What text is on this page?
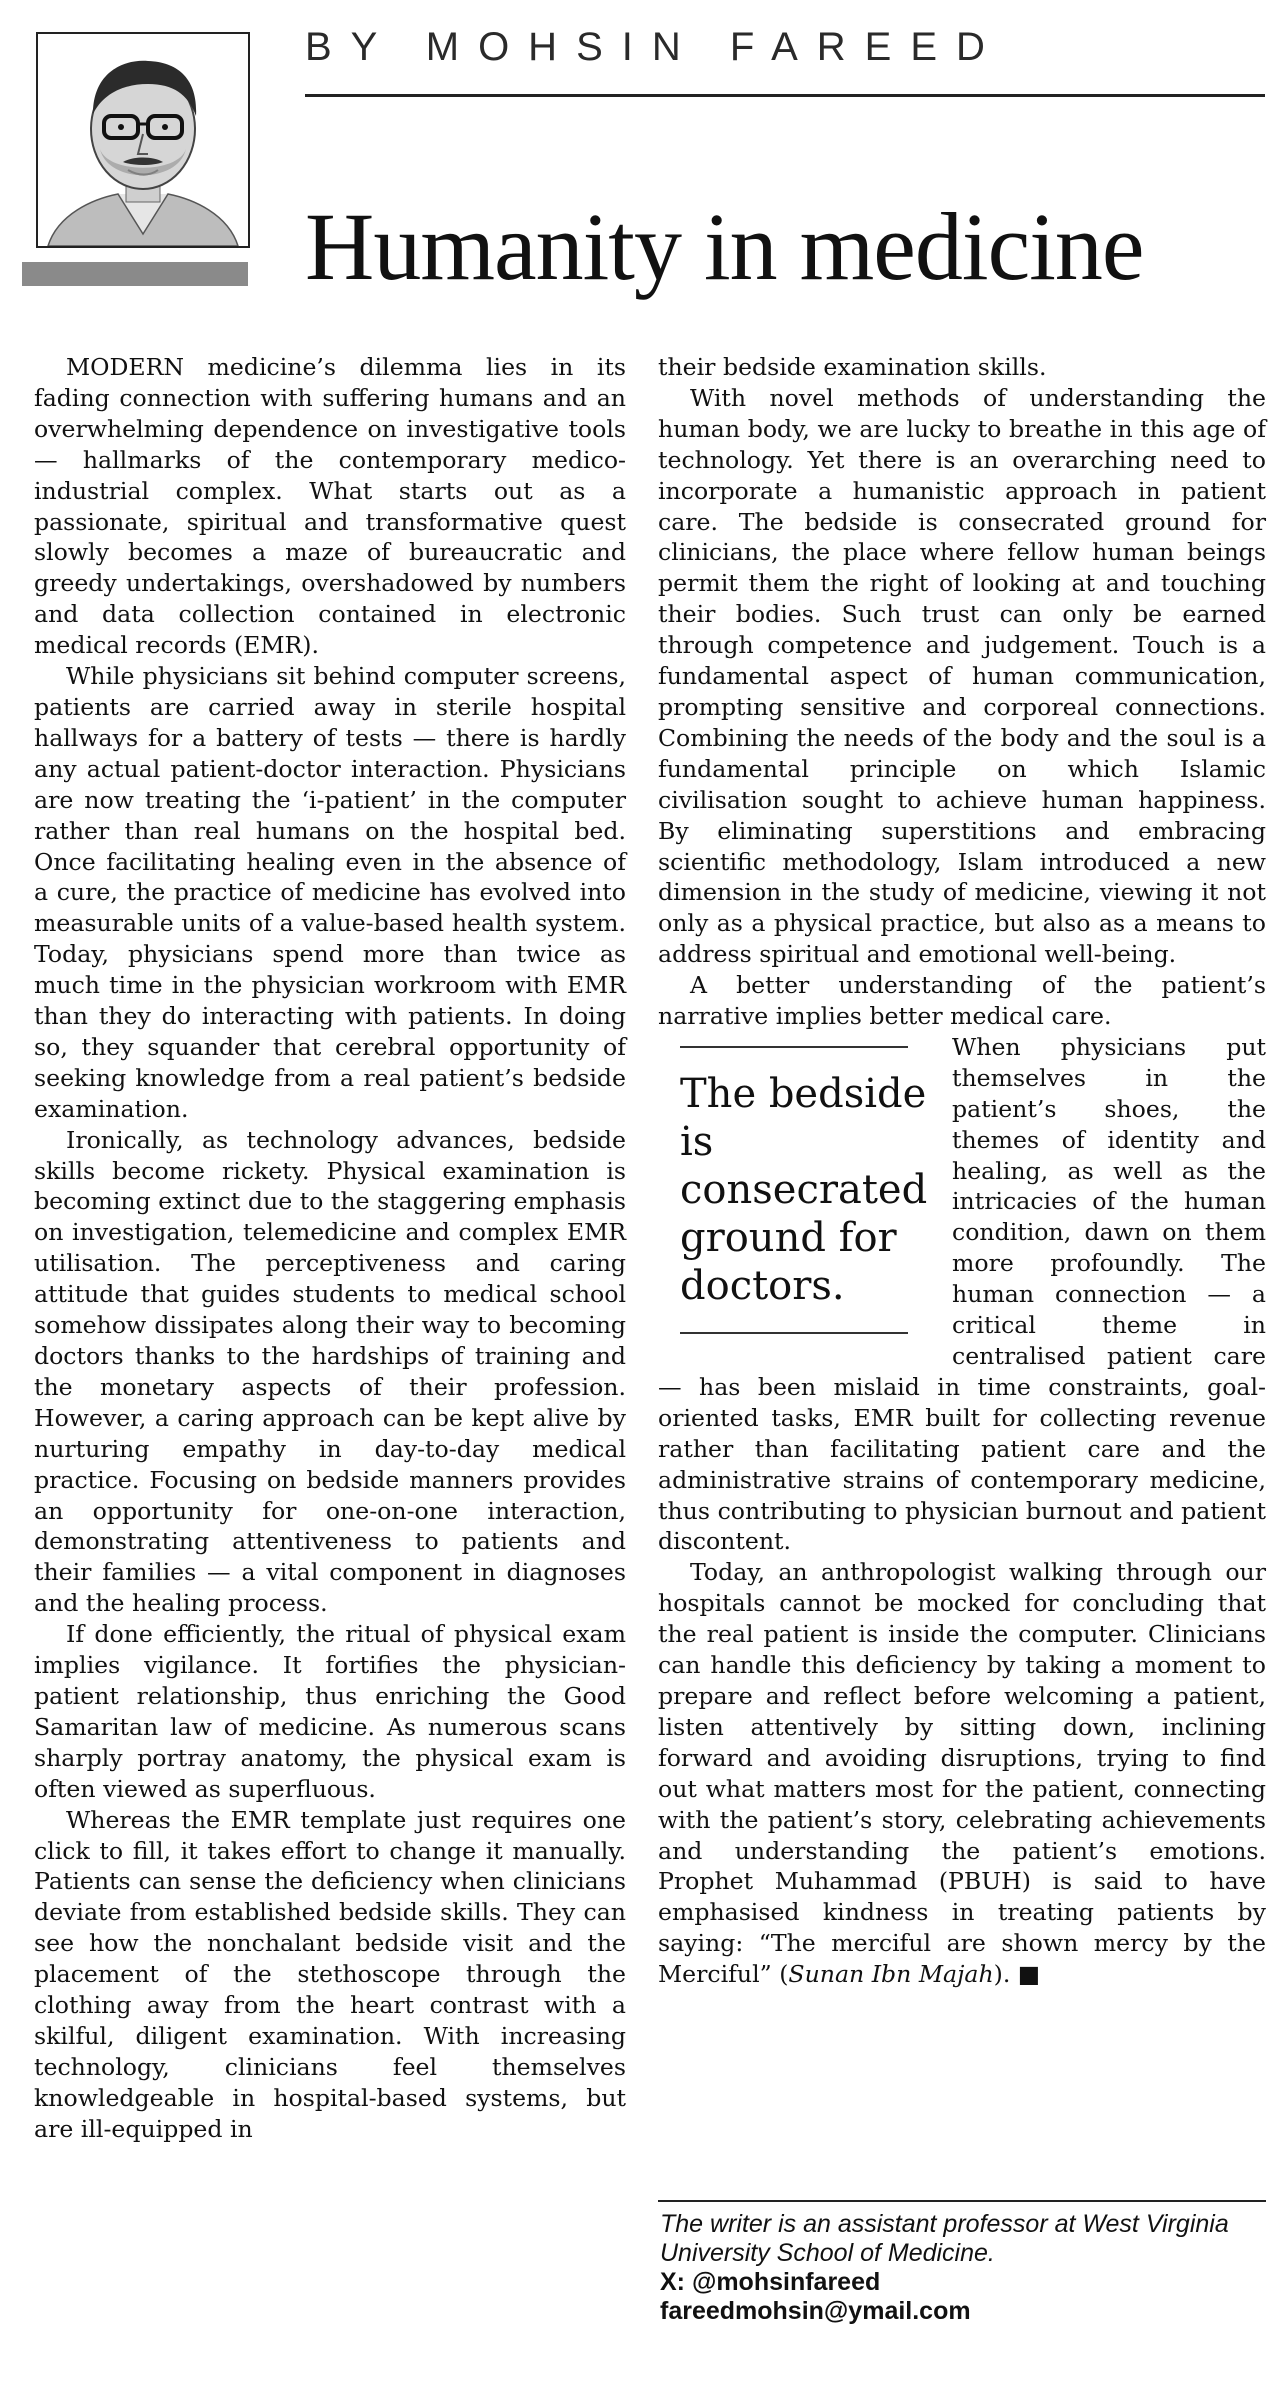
BY MOHSIN FAREED
Humanity in medicine

MODERN medicine’s dilemma lies in its fading connection with suffering humans and an overwhelming dependence on investigative tools — hallmarks of the contemporary medico-industrial complex. What starts out as a passionate, spiritual and transformative quest slowly becomes a maze of bureaucratic and greedy undertakings, overshadowed by numbers and data collection contained in electronic medical records (EMR).

While physicians sit behind computer screens, patients are carried away in sterile hospital hallways for a battery of tests — there is hardly any actual patient-doctor interaction. Physicians are now treating the ‘i-patient’ in the computer rather than real humans on the hospital bed. Once facilitating healing even in the absence of a cure, the practice of medicine has evolved into measurable units of a value-based health system. Today, physicians spend more than twice as much time in the physician workroom with EMR than they do interacting with patients. In doing so, they squander that cerebral opportunity of seeking knowledge from a real patient’s bedside examination.

Ironically, as technology advances, bedside skills become rickety. Physical examination is becoming extinct due to the staggering emphasis on investigation, telemedicine and complex EMR utilisation. The perceptiveness and caring attitude that guides students to medical school somehow dissipates along their way to becoming doctors thanks to the hardships of training and the monetary aspects of their profession. However, a caring approach can be kept alive by nurturing empathy in day-to-day medical practice. Focusing on bedside manners provides an opportunity for one-on-one interaction, demonstrating attentiveness to patients and their families — a vital component in diagnoses and the healing process.

If done efficiently, the ritual of physical exam implies vigilance. It fortifies the physician-patient relationship, thus enriching the Good Samaritan law of medicine. As numerous scans sharply portray anatomy, the physical exam is often viewed as superfluous.

Whereas the EMR template just requires one click to fill, it takes effort to change it manually. Patients can sense the deficiency when clinicians deviate from established bedside skills. They can see how the nonchalant bedside visit and the placement of the stethoscope through the clothing away from the heart contrast with a skilful, diligent examination. With increasing technology, clinicians feel themselves knowledgeable in hospital-based systems, but are ill-equipped in

their bedside examination skills.

With novel methods of understanding the human body, we are lucky to breathe in this age of technology. Yet there is an overarching need to incorporate a humanistic approach in patient care. The bedside is consecrated ground for clinicians, the place where fellow human beings permit them the right of looking at and touching their bodies. Such trust can only be earned through competence and judgement. Touch is a fundamental aspect of human communication, prompting sensitive and corporeal connections. Combining the needs of the body and the soul is a fundamental principle on which Islamic civilisation sought to achieve human happiness. By eliminating superstitions and embracing scientific methodology, Islam introduced a new dimension in the study of medicine, viewing it not only as a physical practice, but also as a means to address spiritual and emotional well-being.

A better understanding of the patient’s narrative implies better medical care.

The bedside is consecrated ground for doctors.

When physicians put themselves in the patient’s shoes, the themes of identity and healing, as well as the intricacies of the human condition, dawn on them more profoundly. The human connection — a critical theme in centralised patient care — has been mislaid in time constraints, goal-oriented tasks, EMR built for collecting revenue rather than facilitating patient care and the administrative strains of contemporary medicine, thus contributing to physician burnout and patient discontent.

Today, an anthropologist walking through our hospitals cannot be mocked for concluding that the real patient is inside the computer. Clinicians can handle this deficiency by taking a moment to prepare and reflect before welcoming a patient, listen attentively by sitting down, inclining forward and avoiding disruptions, trying to find out what matters most for the patient, connecting with the patient’s story, celebrating achievements and understanding the patient’s emotions. Prophet Muhammad (PBUH) is said to have emphasised kindness in treating patients by saying: “The merciful are shown mercy by the Merciful” (Sunan Ibn Majah). ■

The writer is an assistant professor at West Virginia University School of Medicine.
X: @mohsinfareed
fareedmohsin@ymail.com
